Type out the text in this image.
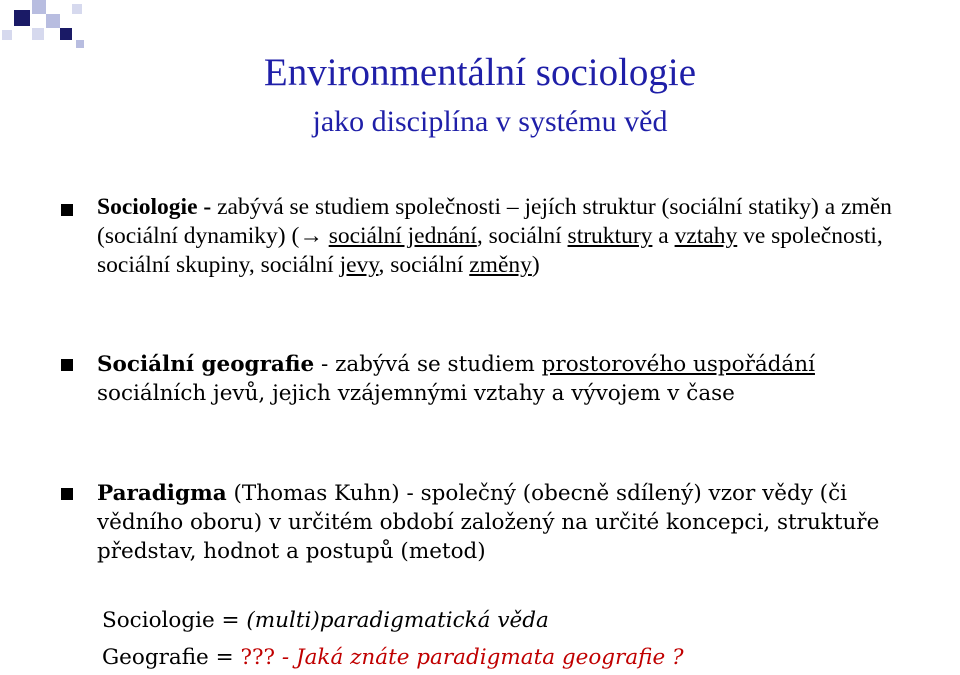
Environmentální sociologie
jako disciplína v systému věd
Sociologie - zabývá se studiem společnosti – jejích struktur (sociální statiky) a změn (sociální dynamiky) (→ sociální jednání, sociální struktury a vztahy ve společnosti, sociální skupiny, sociální jevy, sociální změny)
Sociální geografie - zabývá se studiem prostorového uspořádání sociálních jevů, jejich vzájemnými vztahy a vývojem v čase
Paradigma (Thomas Kuhn) - společný (obecně sdílený) vzor vědy (či vědního oboru) v určitém období založený na určité koncepci, struktuře představ, hodnot a postupů (metod)
Sociologie = (multi)paradigmatická věda
Geografie = ??? - Jaká znáte paradigmata geografie ?
